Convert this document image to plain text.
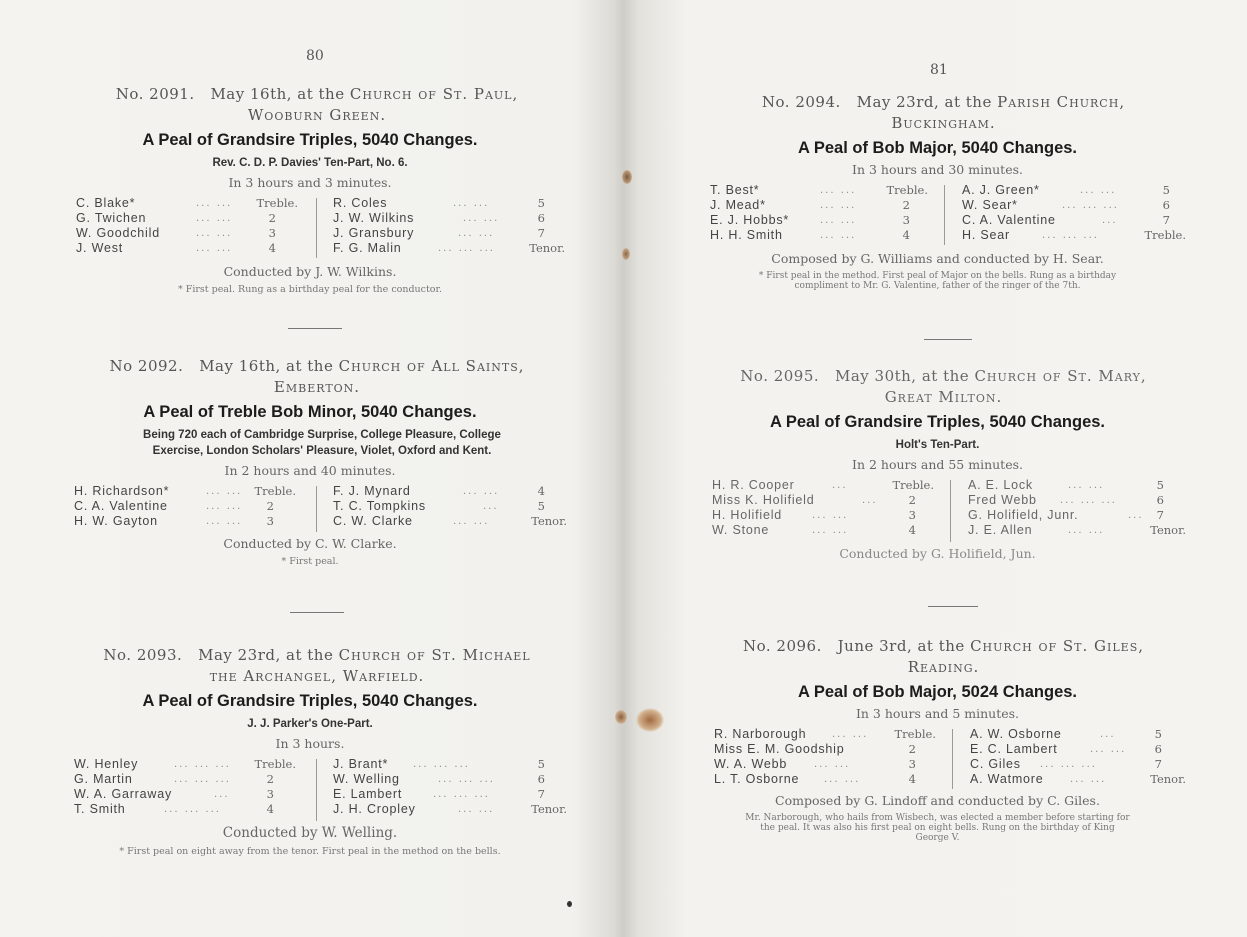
80
No. 2091. May 16th, at the Church of St. Paul,
Wooburn Green.
A Peal of Grandsire Triples, 5040 Changes.
Rev. C. D. P. Davies' Ten-Part, No. 6.
In 3 hours and 3 minutes.
C. Blake*	... ... Treble.
G. Twichen	... ...	2
W. Goodchild	... ...	3
J. West	... ...	4
R. Coles	... ...	5
J. W. Wilkins	... ...	6
J. Gransbury	... ...	7
F. G. Malin	... ... ...	Tenor.
Conducted by J. W. Wilkins.
* First peal. Rung as a birthday peal for the conductor.
No 2092. May 16th, at the Church of All Saints,
Emberton.
A Peal of Treble Bob Minor, 5040 Changes.
Being 720 each of Cambridge Surprise, College Pleasure, College
Exercise, London Scholars' Pleasure, Violet, Oxford and Kent.
In 2 hours and 40 minutes.
H. Richardson*	... ... Treble.
C. A. Valentine	... ... 2
H. W. Gayton	... ... 3
F. J. Mynard	... ...	4
T. C. Tompkins	...	5
C. W. Clarke	... ...	Tenor.
Conducted by C. W. Clarke.
* First peal.
No. 2093. May 23rd, at the Church of St. Michael
the Archangel, Warfield.
A Peal of Grandsire Triples, 5040 Changes.
J. J. Parker's One-Part.
In 3 hours.
W. Henley	... ... ... Treble.
G. Martin	... ... ...	2
W. A. Garraway	...	3
T. Smith	... ... ...	4
J. Brant* ... ... ...	5
W. Welling	... ... ...	6
E. Lambert	... ... ...	7
J. H. Cropley	... ...	Tenor.
Conducted by W. Welling.
* First peal on eight away from the tenor. First peal in the method on the bells.
81
No. 2094. May 23rd, at the Parish Church,
Buckingham.
A Peal of Bob Major, 5040 Changes.
In 3 hours and 30 minutes.
T. Best*	... ...	Treble.
J. Mead*	... ...	2
E. J. Hobbs*	... ...	3
H. H. Smith	... ...	4
A. J. Green*	... ...	5
W. Sear*	... ... ...	6
C. A. Valentine	...	7
H. Sear	... ... ...	Treble.
Composed by G. Williams and conducted by H. Sear.
* First peal in the method. First peal of Major on the bells. Rung as a birthday
compliment to Mr. G. Valentine, father of the ringer of the 7th.
No. 2095. May 30th, at the Church of St. Mary,
Great Milton.
A Peal of Grandsire Triples, 5040 Changes.
Holt's Ten-Part.
In 2 hours and 55 minutes.
H. R. Cooper	...	Treble.
Miss K. Holifield	...	2
H. Holifield	... ...	3
W. Stone	... ...	4
A. E. Lock	... ...	5
Fred Webb ... ... ...	6
G. Holifield, Junr.	... 7
J. E. Allen	... ...	Tenor.
Conducted by G. Holifield, Jun.
No. 2096. June 3rd, at the Church of St. Giles,
Reading.
A Peal of Bob Major, 5024 Changes.
In 3 hours and 5 minutes.
R. Narborough	... ... Treble.
Miss E. M. Goodship	2
W. A. Webb	... ...	3
L. T. Osborne ... ...	4
A. W. Osborne	...	5
E. C. Lambert	... ... 6
C. Giles ... ... ...	7
A. Watmore	... ...	Tenor.
Composed by G. Lindoff and conducted by C. Giles.
Mr. Narborough, who hails from Wisbech, was elected a member before starting for
the peal. It was also his first peal on eight bells. Rung on the birthday of King
George V.
